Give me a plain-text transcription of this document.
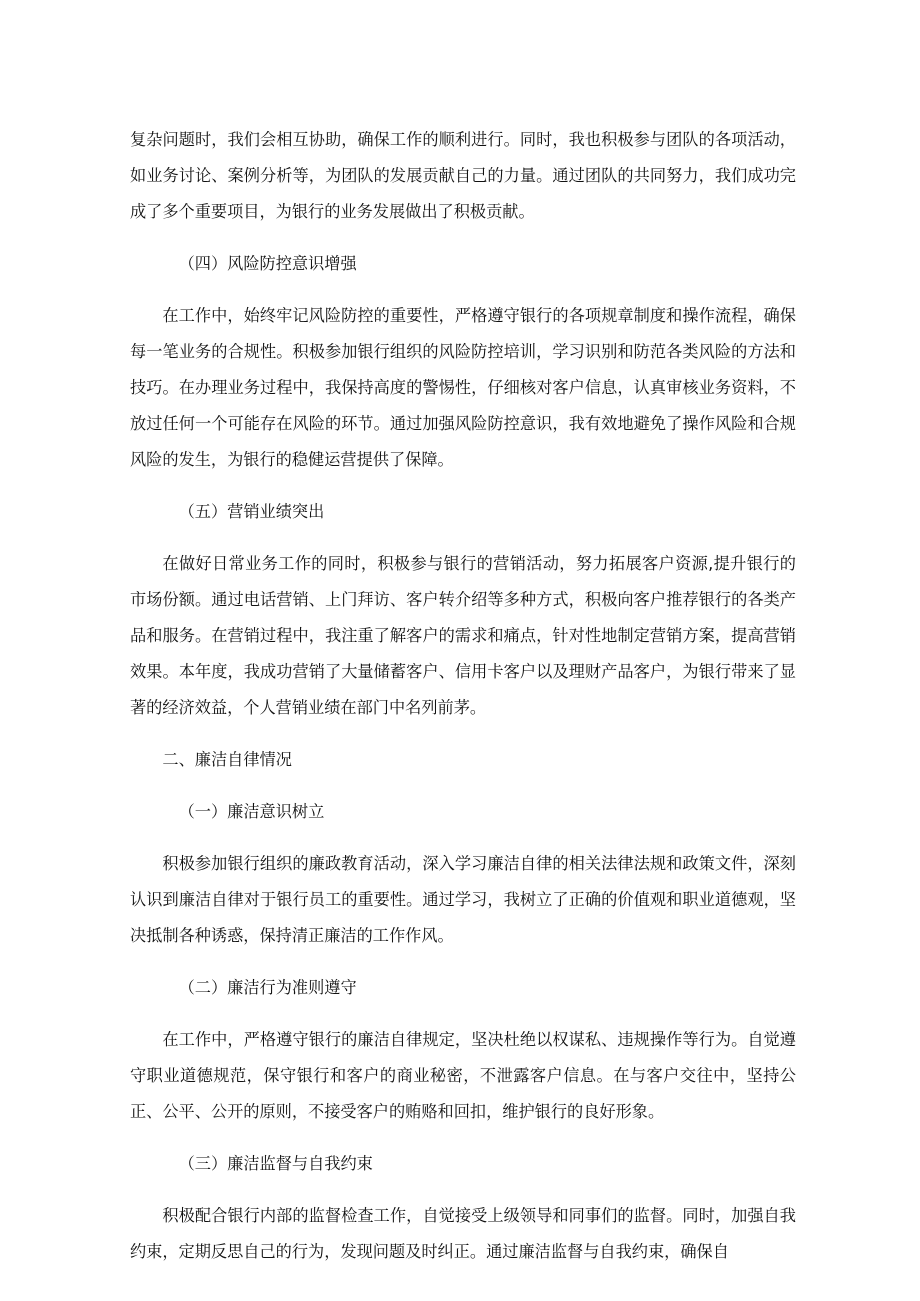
复杂问题时，我们会相互协助，确保工作的顺利进行。同时，我也积极参与团队的各项活动，如业务讨论、案例分析等，为团队的发展贡献自己的力量。通过团队的共同努力，我们成功完成了多个重要项目，为银行的业务发展做出了积极贡献。

（四）风险防控意识增强

在工作中，始终牢记风险防控的重要性，严格遵守银行的各项规章制度和操作流程，确保每一笔业务的合规性。积极参加银行组织的风险防控培训，学习识别和防范各类风险的方法和技巧。在办理业务过程中，我保持高度的警惕性，仔细核对客户信息，认真审核业务资料，不放过任何一个可能存在风险的环节。通过加强风险防控意识，我有效地避免了操作风险和合规风险的发生，为银行的稳健运营提供了保障。

（五）营销业绩突出

在做好日常业务工作的同时，积极参与银行的营销活动，努力拓展客户资源,提升银行的市场份额。通过电话营销、上门拜访、客户转介绍等多种方式，积极向客户推荐银行的各类产品和服务。在营销过程中，我注重了解客户的需求和痛点，针对性地制定营销方案，提高营销效果。本年度，我成功营销了大量储蓄客户、信用卡客户以及理财产品客户，为银行带来了显著的经济效益，个人营销业绩在部门中名列前茅。

二、廉洁自律情况

（一）廉洁意识树立

积极参加银行组织的廉政教育活动，深入学习廉洁自律的相关法律法规和政策文件，深刻认识到廉洁自律对于银行员工的重要性。通过学习，我树立了正确的价值观和职业道德观，坚决抵制各种诱惑，保持清正廉洁的工作作风。

（二）廉洁行为准则遵守

在工作中，严格遵守银行的廉洁自律规定，坚决杜绝以权谋私、违规操作等行为。自觉遵守职业道德规范，保守银行和客户的商业秘密，不泄露客户信息。在与客户交往中，坚持公正、公平、公开的原则，不接受客户的贿赂和回扣，维护银行的良好形象。

（三）廉洁监督与自我约束

积极配合银行内部的监督检查工作，自觉接受上级领导和同事们的监督。同时，加强自我约束，定期反思自己的行为，发现问题及时纠正。通过廉洁监督与自我约束，确保自
